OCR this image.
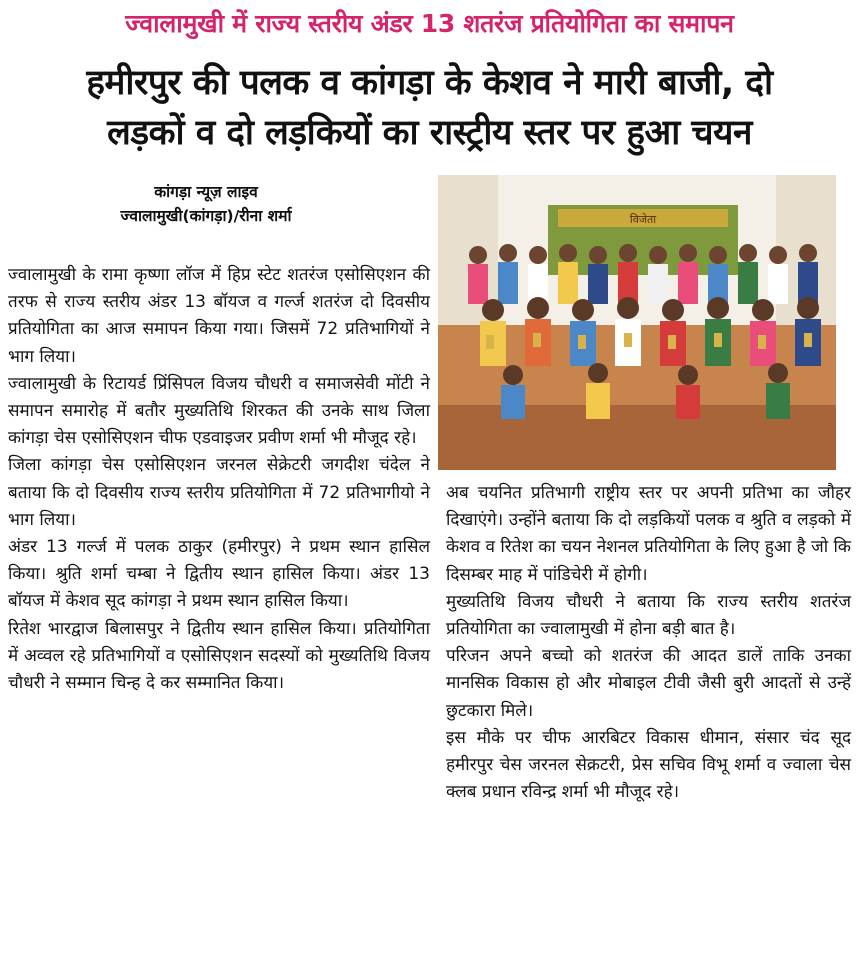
ज्वालामुखी में राज्य स्तरीय अंडर 13 शतरंज प्रतियोगिता का समापन
हमीरपुर की पलक व कांगड़ा के केशव ने मारी बाजी, दो
लड़कों व दो लड़कियों का रास्ट्रीय स्तर पर हुआ चयन
कांगड़ा न्यूज़ लाइव
ज्वालामुखी(कांगड़ा)/रीना शर्मा	विजेता

ज्वालामुखी के रामा कृष्णा लॉज में हिप्र स्टेट शतरंज एसोसिएशन की तरफ से राज्य स्तरीय अंडर 13 बॉयज व गर्ल्ज शतरंज दो दिवसीय प्रतियोगिता का आज समापन किया गया। जिसमें 72 प्रतिभागियों ने भाग लिया।

ज्वालामुखी के रिटायर्ड प्रिंसिपल विजय चौधरी व समाजसेवी मोंटी ने समापन समारोह में बतौर मुख्यतिथि शिरकत की उनके साथ जिला कांगड़ा चेस एसोसिएशन चीफ एडवाइजर प्रवीण शर्मा भी मौजूद रहे।

जिला कांगड़ा चेस एसोसिएशन जरनल सेक्रेटरी जगदीश चंदेल ने बताया कि दो दिवसीय राज्य स्तरीय प्रतियोगिता में 72 प्रतिभागीयो ने भाग लिया।

अंडर 13 गर्ल्ज में पलक ठाकुर (हमीरपुर) ने प्रथम स्थान हासिल किया। श्रुति शर्मा चम्बा ने द्वितीय स्थान हासिल किया। अंडर 13 बॉयज में केशव सूद कांगड़ा ने प्रथम स्थान हासिल किया।

रितेश भारद्वाज बिलासपुर ने द्वितीय स्थान हासिल किया। प्रतियोगिता में अव्वल रहे प्रतिभागियों व एसोसिएशन सदस्यों को मुख्यतिथि विजय चौधरी ने सम्मान चिन्ह दे कर सम्मानित किया।

अब चयनित प्रतिभागी राष्ट्रीय स्तर पर अपनी प्रतिभा का जौहर दिखाएंगे। उन्होंने बताया कि दो लड़कियों पलक व श्रुति व लड़को में केशव व रितेश का चयन नेशनल प्रतियोगिता के लिए हुआ है जो कि दिसम्बर माह में पांडिचेरी में होगी।

मुख्यतिथि विजय चौधरी ने बताया कि राज्य स्तरीय शतरंज प्रतियोगिता का ज्वालामुखी में होना बड़ी बात है।

परिजन अपने बच्चो को शतरंज की आदत डालें ताकि उनका मानसिक विकास हो और मोबाइल टीवी जैसी बुरी आदतों से उन्हें छुटकारा मिले।

इस मौके पर चीफ आरबिटर विकास धीमान, संसार चंद सूद हमीरपुर चेस जरनल सेक्रटरी, प्रेस सचिव विभू शर्मा व ज्वाला चेस क्लब प्रधान रविन्द्र शर्मा भी मौजूद रहे।
